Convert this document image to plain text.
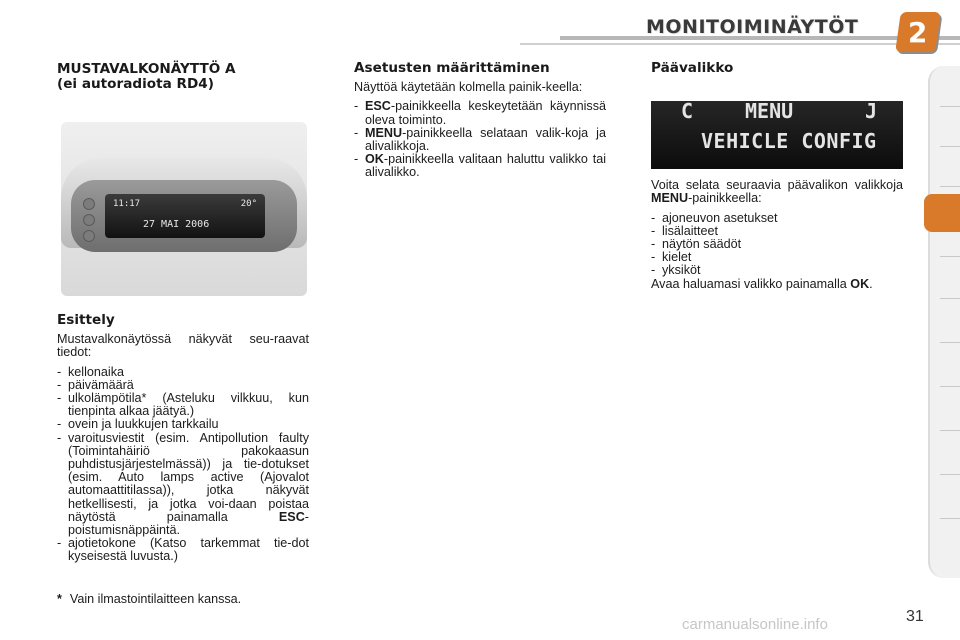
MONITOIMINÄYTÖT 2
MUSTAVALKONÄYTTÖ A
(ei autoradiota RD4)
11:17	20°
27 MAI 2006
Esittely

Mustavalkonäytössä näkyvät seu-raavat tiedot:

- kellonaika
- päivämäärä
- ulkolämpötila* (Asteluku vilkkuu, kun tienpinta alkaa jäätyä.)
- ovein ja luukkujen tarkkailu
- varoitusviestit (esim. Antipollution faulty (Toimintahäiriö pakokaasun puhdistusjärjestelmässä)) ja tie-dotukset (esim. Auto lamps active (Ajovalot automaattitilassa)), jotka näkyvät hetkellisesti, ja jotka voi-daan poistaa näytöstä painamalla	ESC-poistumisnäppäintä.
- ajotietokone (Katso tarkemmat tie-dot kyseisestä luvusta.)
Asetusten määrittäminen

Näyttöä käytetään kolmella painik-keella:

- ESC-painikkeella keskeytetään käynnissä oleva toiminto.
- MENU-painikkeella selataan valik-koja ja alivalikkoja.
- OK-painikkeella valitaan haluttu valikko tai alivalikko.
Päävalikko
C	MENU	J
VEHICLE CONFIG

Voita selata seuraavia päävalikon valikkoja MENU-painikkeella:

- ajoneuvon asetukset
- lisälaitteet
- näytön säädöt
- kielet
- yksiköt

Avaa haluamasi valikko painamalla OK.

* Vain ilmastointilaitteen kanssa.
carmanualsonline.info	31
